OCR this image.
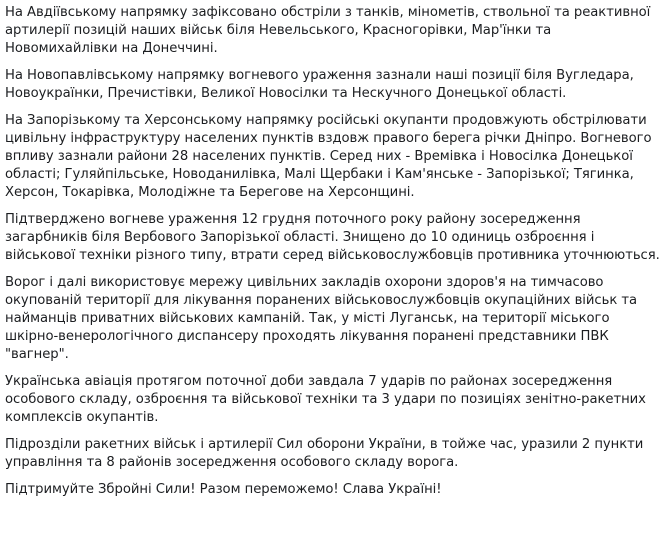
На Авдіївському напрямку зафіксовано обстріли з танків, мінометів, ствольної та реактивної
артилерії позицій наших військ біля Невельського, Красногорівки, Мар'їнки та
Новомихайлівки на Донеччині.

На Новопавлівському напрямку вогневого ураження зазнали наші позиції біля Вугледара,
Новоукраїнки, Пречистівки, Великої Новосілки та Нескучного Донецької області.

На Запорізькому та Херсонському напрямку російські окупанти продовжують обстрілювати
цивільну інфраструктуру населених пунктів вздовж правого берега річки Дніпро. Вогневого
впливу зазнали райони 28 населених пунктів. Серед них - Времівка і Новосілка Донецької
області; Гуляйпільське, Новоданилівка, Малі Щербаки і Кам'янське - Запорізької; Тягинка,
Херсон, Токарівка, Молодіжне та Берегове на Херсонщині.

Підтверджено вогневе ураження 12 грудня поточного року району зосередження
загарбників біля Вербового Запорізької області. Знищено до 10 одиниць озброєння і
військової техніки різного типу, втрати серед військовослужбовців противника уточнюються.

Ворог і далі використовує мережу цивільних закладів охорони здоров'я на тимчасово
окупованій території для лікування поранених військовослужбовців окупаційних військ та
найманців приватних військових кампаній. Так, у місті Луганськ, на території міського
шкірно-венерологічного диспансеру проходять лікування поранені представники ПВК
"вагнер".

Українська авіація протягом поточної доби завдала 7 ударів по районах зосередження
особового складу, озброєння та військової техніки та 3 удари по позиціях зенітно-ракетних
комплексів окупантів.

Підрозділи ракетних військ і артилерії Сил оборони України, в тойже час, уразили 2 пункти
управління та 8 районів зосередження особового складу ворога.

Підтримуйте Збройні Сили! Разом переможемо! Слава Україні!
